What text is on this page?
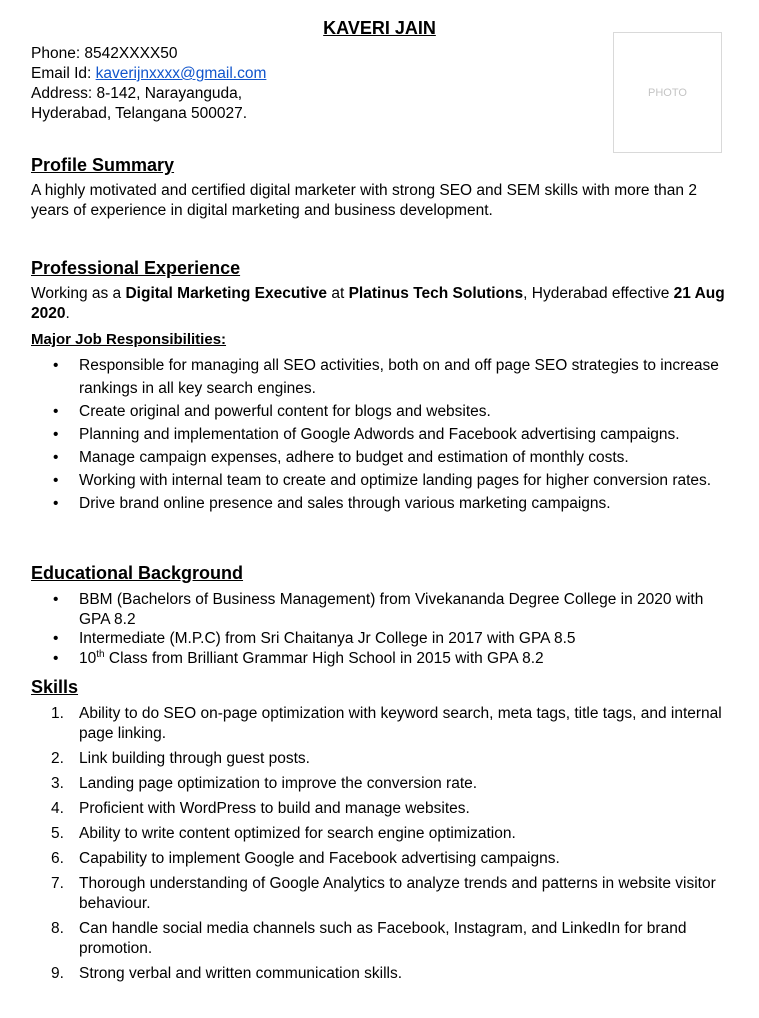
KAVERI JAIN
Phone: 8542XXXX50
Email Id: kaverijnxxxx@gmail.com
Address: 8-142, Narayanguda,
Hyderabad, Telangana 500027.
PHOTO
Profile Summary
A highly motivated and certified digital marketer with strong SEO and SEM skills with more than 2 years of experience in digital marketing and business development.
Professional Experience
Working as a Digital Marketing Executive at Platinus Tech Solutions, Hyderabad effective 21 Aug 2020.
Major Job Responsibilities:
• Responsible for managing all SEO activities, both on and off page SEO strategies to increase rankings in all key search engines.
• Create original and powerful content for blogs and websites.
• Planning and implementation of Google Adwords and Facebook advertising campaigns.
• Manage campaign expenses, adhere to budget and estimation of monthly costs.
• Working with internal team to create and optimize landing pages for higher conversion rates.
• Drive brand online presence and sales through various marketing campaigns.
Educational Background
• BBM (Bachelors of Business Management) from Vivekananda Degree College in 2020 with GPA 8.2
• Intermediate (M.P.C) from Sri Chaitanya Jr College in 2017 with GPA 8.5
• 10th Class from Brilliant Grammar High School in 2015 with GPA 8.2
Skills
1. Ability to do SEO on-page optimization with keyword search, meta tags, title tags, and internal page linking.
2. Link building through guest posts.
3. Landing page optimization to improve the conversion rate.
4. Proficient with WordPress to build and manage websites.
5. Ability to write content optimized for search engine optimization.
6. Capability to implement Google and Facebook advertising campaigns.
7. Thorough understanding of Google Analytics to analyze trends and patterns in website visitor behaviour.
8. Can handle social media channels such as Facebook, Instagram, and LinkedIn for brand promotion.
9. Strong verbal and written communication skills.
